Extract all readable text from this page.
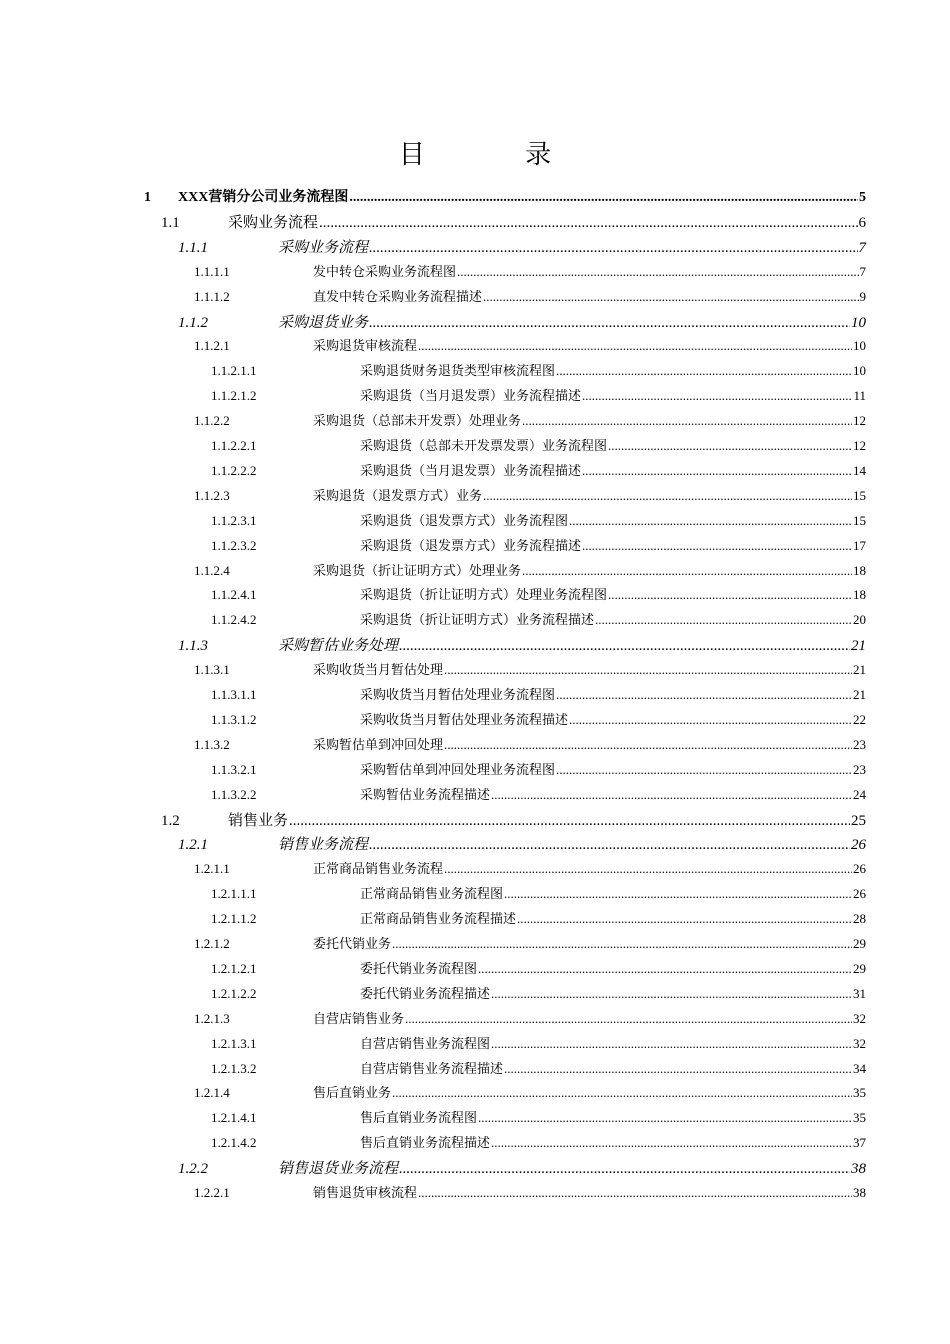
目 录
1	XXX营销分公司业务流程图 .....	5
1.1	采购业务流程 .....	6
1.1.1	采购业务流程 .....	7
1.1.1.1	发中转仓采购业务流程图 .....	7
1.1.1.2	直发中转仓采购业务流程描述 .....	9
1.1.2	采购退货业务 .....	10
1.1.2.1	采购退货审核流程 .....	10
1.1.2.1.1	采购退货财务退货类型审核流程图 .....	10
1.1.2.1.2	采购退货（当月退发票）业务流程描述 .....	11
1.1.2.2	采购退货（总部未开发票）处理业务 .....	12
1.1.2.2.1	采购退货（总部未开发票发票）业务流程图 .....	12
1.1.2.2.2	采购退货（当月退发票）业务流程描述 .....	14
1.1.2.3	采购退货（退发票方式）业务 .....	15
1.1.2.3.1	采购退货（退发票方式）业务流程图 .....	15
1.1.2.3.2	采购退货（退发票方式）业务流程描述 .....	17
1.1.2.4	采购退货（折让证明方式）处理业务 .....	18
1.1.2.4.1	采购退货（折让证明方式）处理业务流程图 .....	18
1.1.2.4.2	采购退货（折让证明方式）业务流程描述 .....	20
1.1.3	采购暂估业务处理 .....	21
1.1.3.1	采购收货当月暂估处理 .....	21
1.1.3.1.1	采购收货当月暂估处理业务流程图 .....	21
1.1.3.1.2	采购收货当月暂估处理业务流程描述 .....	22
1.1.3.2	采购暂估单到冲回处理 .....	23
1.1.3.2.1	采购暂估单到冲回处理业务流程图 .....	23
1.1.3.2.2	采购暂估业务流程描述 .....	24
1.2	销售业务 .....	25
1.2.1	销售业务流程 .....	26
1.2.1.1	正常商品销售业务流程 .....	26
1.2.1.1.1	正常商品销售业务流程图 .....	26
1.2.1.1.2	正常商品销售业务流程描述 .....	28
1.2.1.2	委托代销业务 .....	29
1.2.1.2.1	委托代销业务流程图 .....	29
1.2.1.2.2	委托代销业务流程描述 .....	31
1.2.1.3	自营店销售业务 .....	32
1.2.1.3.1	自营店销售业务流程图 .....	32
1.2.1.3.2	自营店销售业务流程描述 .....	34
1.2.1.4	售后直销业务 .....	35
1.2.1.4.1	售后直销业务流程图 .....	35
1.2.1.4.2	售后直销业务流程描述 .....	37
1.2.2	销售退货业务流程 .....	38
1.2.2.1	销售退货审核流程 .....	38
